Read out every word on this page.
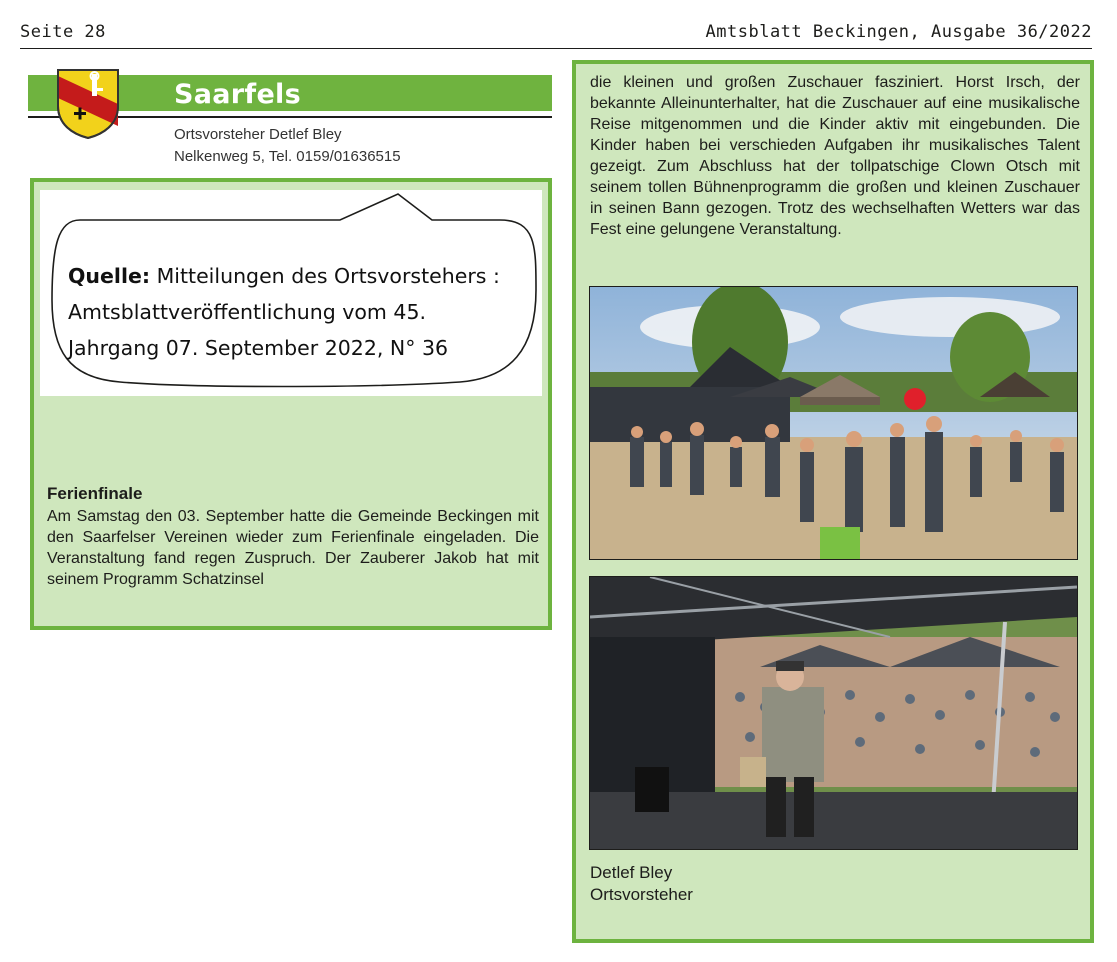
Seite 28	Amtsblatt Beckingen, Ausgabe 36/2022
Saarfels
Ortsvorsteher Detlef Bley
Nelkenweg 5, Tel. 0159/01636515
Quelle: Mitteilungen des Ortsvorstehers :
Amtsblattveröffentlichung vom 45.
Jahrgang 07. September 2022, N° 36
Ferienfinale

Am Samstag den 03. September hatte die Gemeinde Beckingen mit den Saarfelser Vereinen wieder zum Ferienfinale eingeladen. Die Veranstaltung fand regen Zuspruch. Der Zauberer Jakob hat mit seinem Programm Schatzinsel

die kleinen und großen Zuschauer fasziniert. Horst Irsch, der bekannte Alleinunterhalter, hat die Zuschauer auf eine musikalische Reise mitgenommen und die Kinder aktiv mit eingebunden. Die Kinder haben bei verschieden Aufgaben ihr musikalisches Talent gezeigt. Zum Abschluss hat der tollpatschige Clown Otsch mit seinem tollen Bühnenprogramm die großen und kleinen Zuschauer in seinen Bann gezogen. Trotz des wechselhaften Wetters war das Fest eine gelungene Veranstaltung.
Detlef Bley
Ortsvorsteher
